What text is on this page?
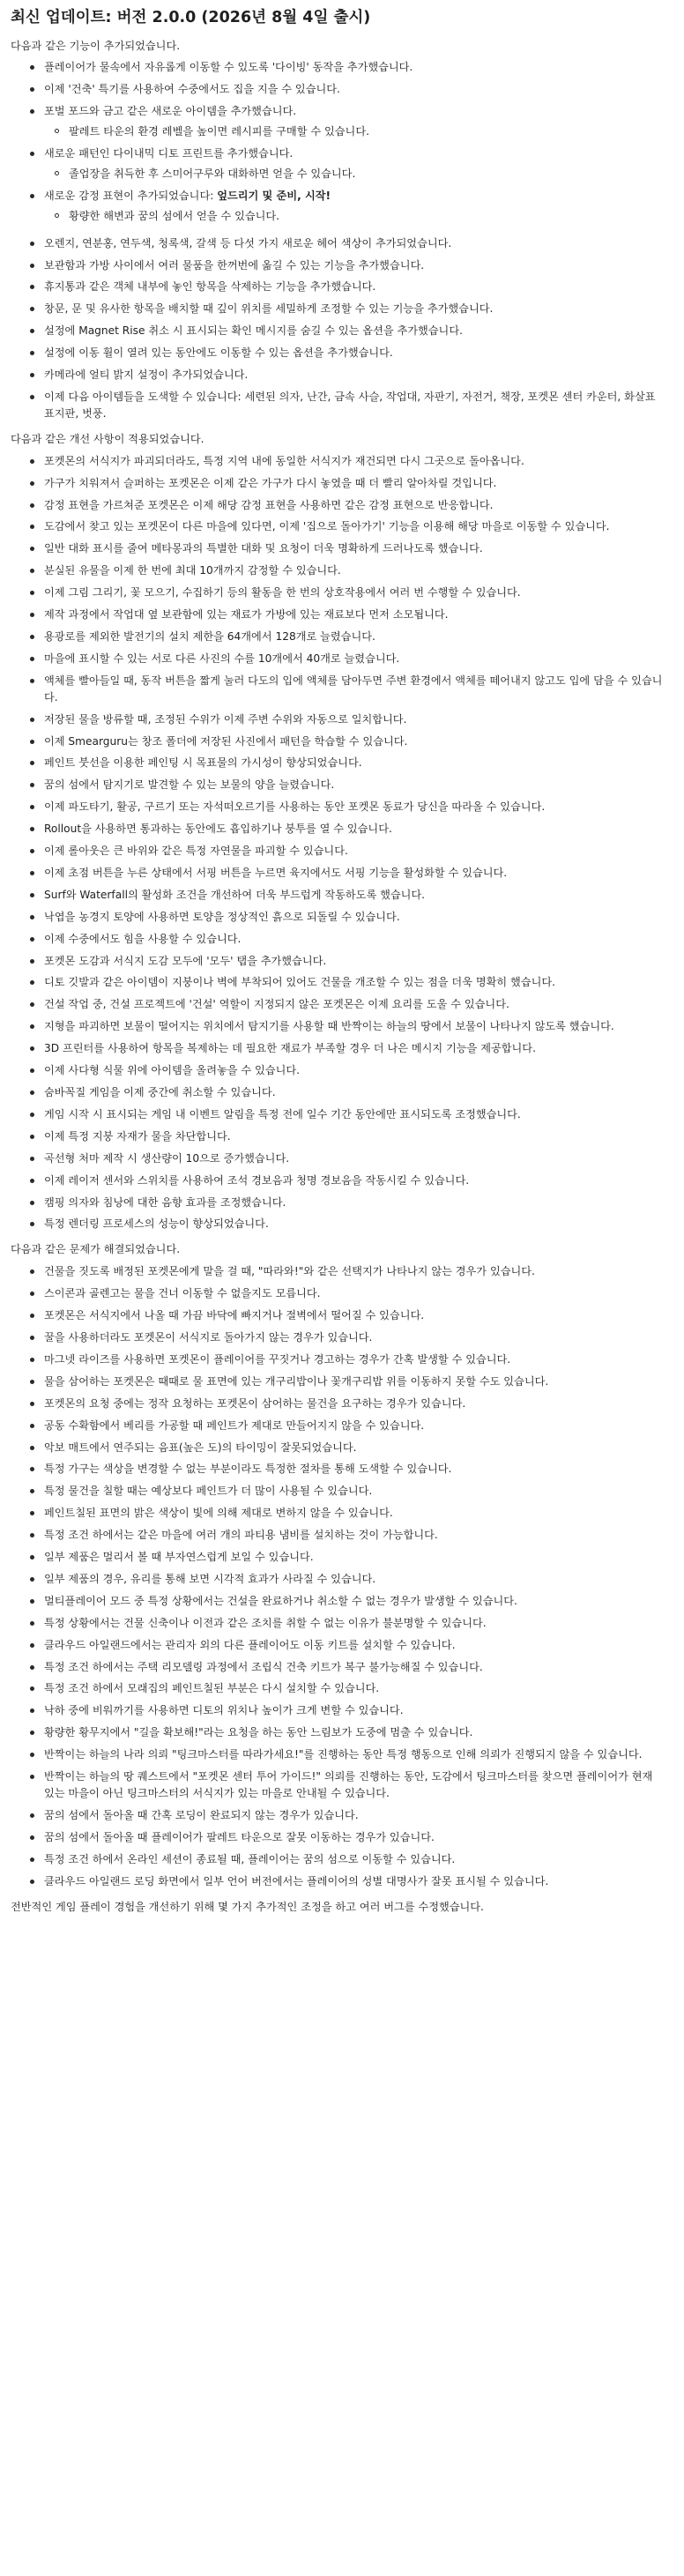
최신 업데이트: 버전 2.0.0 (2026년 8월 4일 출시)

다음과 같은 기능이 추가되었습니다.

플레이어가 물속에서 자유롭게 이동할 수 있도록 '다이빙' 동작을 추가했습니다.
이제 '건축' 특기를 사용하여 수중에서도 집을 지을 수 있습니다.
포벌 포드와 금고 같은 새로운 아이템을 추가했습니다.
팔레트 타운의 환경 레벨을 높이면 레시피를 구매할 수 있습니다.
새로운 패턴인 다이내믹 디토 프린트를 추가했습니다.
졸업장을 취득한 후 스미어구루와 대화하면 얻을 수 있습니다.
새로운 감정 표현이 추가되었습니다: 엎드리기 및 준비, 시작!
황량한 해변과 꿈의 섬에서 얻을 수 있습니다.
오렌지, 연분홍, 연두색, 청록색, 갈색 등 다섯 가지 새로운 헤어 색상이 추가되었습니다.
보관함과 가방 사이에서 여러 물품을 한꺼번에 옮길 수 있는 기능을 추가했습니다.
휴지통과 같은 객체 내부에 놓인 항목을 삭제하는 기능을 추가했습니다.
창문, 문 및 유사한 항목을 배치할 때 깊이 위치를 세밀하게 조정할 수 있는 기능을 추가했습니다.
설정에 Magnet Rise 취소 시 표시되는 확인 메시지를 숨길 수 있는 옵션을 추가했습니다.
설정에 이동 휠이 열려 있는 동안에도 이동할 수 있는 옵션을 추가했습니다.
카메라에 얼티 밝지 설정이 추가되었습니다.
이제 다음 아이템들을 도색할 수 있습니다: 세련된 의자, 난간, 금속 사슬, 작업대, 자판기, 자전거, 책장, 포켓몬 센터 카운터, 화살표 표지판, 벗풍.

다음과 같은 개선 사항이 적용되었습니다.

포켓몬의 서식지가 파괴되더라도, 특정 지역 내에 동일한 서식지가 재건되면 다시 그곳으로 돌아옵니다.
가구가 치워져서 슬퍼하는 포켓몬은 이제 같은 가구가 다시 놓였을 때 더 빨리 알아차릴 것입니다.
감정 표현을 가르쳐준 포켓몬은 이제 해당 감정 표현을 사용하면 같은 감정 표현으로 반응합니다.
도감에서 찾고 있는 포켓몬이 다른 마을에 있다면, 이제 '집으로 돌아가기' 기능을 이용해 해당 마을로 이동할 수 있습니다.
일반 대화 표시를 줄여 메타몽과의 특별한 대화 및 요청이 더욱 명확하게 드러나도록 했습니다.
분실된 유물을 이제 한 번에 최대 10개까지 감정할 수 있습니다.
이제 그림 그리기, 꽃 모으기, 수집하기 등의 활동을 한 번의 상호작용에서 여러 번 수행할 수 있습니다.
제작 과정에서 작업대 옆 보관함에 있는 재료가 가방에 있는 재료보다 먼저 소모됩니다.
용광로를 제외한 발전기의 설치 제한을 64개에서 128개로 늘렸습니다.
마을에 표시할 수 있는 서로 다른 사진의 수를 10개에서 40개로 늘렸습니다.
액체를 빨아들일 때, 동작 버튼을 짧게 눌러 다도의 입에 액체를 담아두면 주변 환경에서 액체를 떼어내지 않고도 입에 담을 수 있습니다.
저장된 물을 방류할 때, 조정된 수위가 이제 주변 수위와 자동으로 일치합니다.
이제 Smearguru는 창조 폴더에 저장된 사진에서 패턴을 학습할 수 있습니다.
페인트 붓선을 이용한 페인팅 시 목표물의 가시성이 향상되었습니다.
꿈의 섬에서 탐지기로 발견할 수 있는 보물의 양을 늘렸습니다.
이제 파도타기, 활공, 구르기 또는 자석떠오르기를 사용하는 동안 포켓몬 동료가 당신을 따라올 수 있습니다.
Rollout을 사용하면 통과하는 동안에도 흡입하기나 붕투를 열 수 있습니다.
이제 롤아웃은 큰 바위와 같은 특정 자연물을 파괴할 수 있습니다.
이제 초점 버튼을 누른 상태에서 서핑 버튼을 누르면 육지에서도 서핑 기능을 활성화할 수 있습니다.
Surf와 Waterfall의 활성화 조건을 개선하여 더욱 부드럽게 작동하도록 했습니다.
낙엽을 농경지 토양에 사용하면 토양을 정상적인 흙으로 되돌릴 수 있습니다.
이제 수중에서도 힘을 사용할 수 있습니다.
포켓몬 도감과 서식지 도감 모두에 '모두' 탭을 추가했습니다.
디토 깃발과 같은 아이템이 지붕이나 벽에 부착되어 있어도 건물을 개조할 수 있는 점을 더욱 명확히 했습니다.
건설 작업 중, 건설 프로젝트에 '건설' 역할이 지정되지 않은 포켓몬은 이제 요리를 도울 수 있습니다.
지형을 파괴하면 보물이 떨어지는 위치에서 탐지기를 사용할 때 반짝이는 하늘의 땅에서 보물이 나타나지 않도록 했습니다.
3D 프린터를 사용하여 항목을 복제하는 데 필요한 재료가 부족할 경우 더 나은 메시지 기능을 제공합니다.
이제 사다형 식물 위에 아이템을 올려놓을 수 있습니다.
숨바꼭질 게임을 이제 중간에 취소할 수 있습니다.
게임 시작 시 표시되는 게임 내 이벤트 알림을 특정 전에 일수 기간 동안에만 표시되도록 조정했습니다.
이제 특정 지붕 자재가 물을 차단합니다.
곡선형 처마 제작 시 생산량이 10으로 증가했습니다.
이제 레이저 센서와 스위치를 사용하여 조석 경보음과 청명 경보음을 작동시킬 수 있습니다.
캠핑 의자와 침낭에 대한 음향 효과를 조정했습니다.
특정 렌더링 프로세스의 성능이 향상되었습니다.

다음과 같은 문제가 해결되었습니다.

건물을 짓도록 배정된 포켓몬에게 말을 걸 때, "따라와!"와 같은 선택지가 나타나지 않는 경우가 있습니다.
스이콘과 골렌고는 물을 건너 이동할 수 없을지도 모릅니다.
포켓몬은 서식지에서 나올 때 가끔 바닥에 빠지거나 절벽에서 떨어질 수 있습니다.
꿀을 사용하더라도 포켓몬이 서식지로 돌아가지 않는 경우가 있습니다.
마그넷 라이즈를 사용하면 포켓몬이 플레이어를 꾸짓거나 경고하는 경우가 간혹 발생할 수 있습니다.
물을 삼어하는 포켓몬은 때때로 물 표면에 있는 개구리밥이나 꽃개구리밥 위를 이동하지 못할 수도 있습니다.
포켓몬의 요청 중에는 정작 요청하는 포켓몬이 삼어하는 물건을 요구하는 경우가 있습니다.
공동 수확함에서 베리를 가공할 때 페인트가 제대로 만들어지지 않을 수 있습니다.
악보 매트에서 연주되는 음표(높은 도)의 타이밍이 잘못되었습니다.
특정 가구는 색상을 변경할 수 없는 부분이라도 특정한 절차를 통해 도색할 수 있습니다.
특정 물건을 칠할 때는 예상보다 페인트가 더 많이 사용될 수 있습니다.
페인트칠된 표면의 밝은 색상이 빛에 의해 제대로 변하지 않을 수 있습니다.
특정 조건 하에서는 같은 마을에 여러 개의 파티용 냄비를 설치하는 것이 가능합니다.
일부 제품은 멀리서 볼 때 부자연스럽게 보일 수 있습니다.
일부 제품의 경우, 유리를 통해 보면 시각적 효과가 사라질 수 있습니다.
멀티플레이어 모드 중 특정 상황에서는 건설을 완료하거나 취소할 수 없는 경우가 발생할 수 있습니다.
특정 상황에서는 건물 신축이나 이전과 같은 조치를 취할 수 없는 이유가 불분명할 수 있습니다.
클라우드 아일랜드에서는 관리자 외의 다른 플레이어도 이동 키트를 설치할 수 있습니다.
특정 조건 하에서는 주택 리모델링 과정에서 조립식 건축 키트가 복구 불가능해질 수 있습니다.
특정 조건 하에서 모래집의 페인트칠된 부분은 다시 설치할 수 있습니다.
낙하 중에 비워까기를 사용하면 디토의 위치나 높이가 크게 변할 수 있습니다.
황량한 황무지에서 "길을 확보해!"라는 요청을 하는 동안 느림보가 도중에 멈출 수 있습니다.
반짝이는 하늘의 나라 의뢰 "팅크마스터를 따라가세요!"를 진행하는 동안 특정 행동으로 인해 의뢰가 진행되지 않을 수 있습니다.
반짝이는 하늘의 땅 퀘스트에서 "포켓몬 센터 투어 가이드!" 의뢰를 진행하는 동안, 도감에서 팅크마스터를 찾으면 플레이어가 현재 있는 마을이 아닌 팅크마스터의 서식지가 있는 마을로 안내될 수 있습니다.
꿈의 섬에서 돌아올 때 간혹 로딩이 완료되지 않는 경우가 있습니다.
꿈의 섬에서 돌아올 때 플레이어가 팔레트 타운으로 잘못 이동하는 경우가 있습니다.
특정 조건 하에서 온라인 세션이 종료될 때, 플레이어는 꿈의 섬으로 이동할 수 있습니다.
클라우드 아일랜드 로딩 화면에서 일부 언어 버전에서는 플레이어의 성별 대명사가 잘못 표시될 수 있습니다.

전반적인 게임 플레이 경험을 개선하기 위해 몇 가지 추가적인 조정을 하고 여러 버그를 수정했습니다.
